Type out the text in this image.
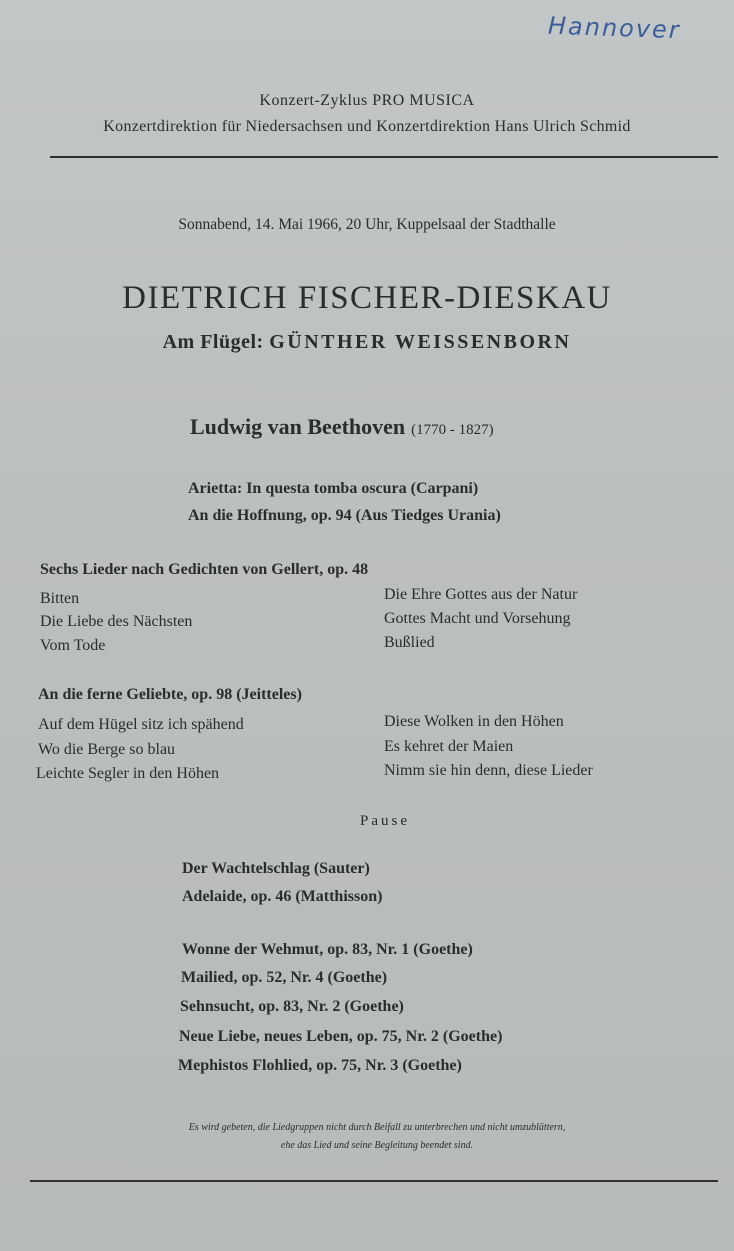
Hannover
Konzert-Zyklus PRO MUSICA
Konzertdirektion für Niedersachsen und Konzertdirektion Hans Ulrich Schmid
Sonnabend, 14. Mai 1966, 20 Uhr, Kuppelsaal der Stadthalle
DIETRICH FISCHER-DIESKAU
Am Flügel: GÜNTHER WEISSENBORN
Ludwig van Beethoven (1770 - 1827)
Arietta: In questa tomba oscura (Carpani)
An die Hoffnung, op. 94 (Aus Tiedges Urania)
Sechs Lieder nach Gedichten von Gellert, op. 48
Bitten
Die Liebe des Nächsten
Vom Tode
Die Ehre Gottes aus der Natur
Gottes Macht und Vorsehung
Bußlied
An die ferne Geliebte, op. 98 (Jeitteles)
Auf dem Hügel sitz ich spähend
Wo die Berge so blau
Leichte Segler in den Höhen
Diese Wolken in den Höhen
Es kehret der Maien
Nimm sie hin denn, diese Lieder
Pause
Der Wachtelschlag (Sauter)
Adelaide, op. 46 (Matthisson)
Wonne der Wehmut, op. 83, Nr. 1 (Goethe)
Mailied, op. 52, Nr. 4 (Goethe)
Sehnsucht, op. 83, Nr. 2 (Goethe)
Neue Liebe, neues Leben, op. 75, Nr. 2 (Goethe)
Mephistos Flohlied, op. 75, Nr. 3 (Goethe)
Es wird gebeten, die Liedgruppen nicht durch Beifall zu unterbrechen und nicht umzublättern,
ehe das Lied und seine Begleitung beendet sind.
